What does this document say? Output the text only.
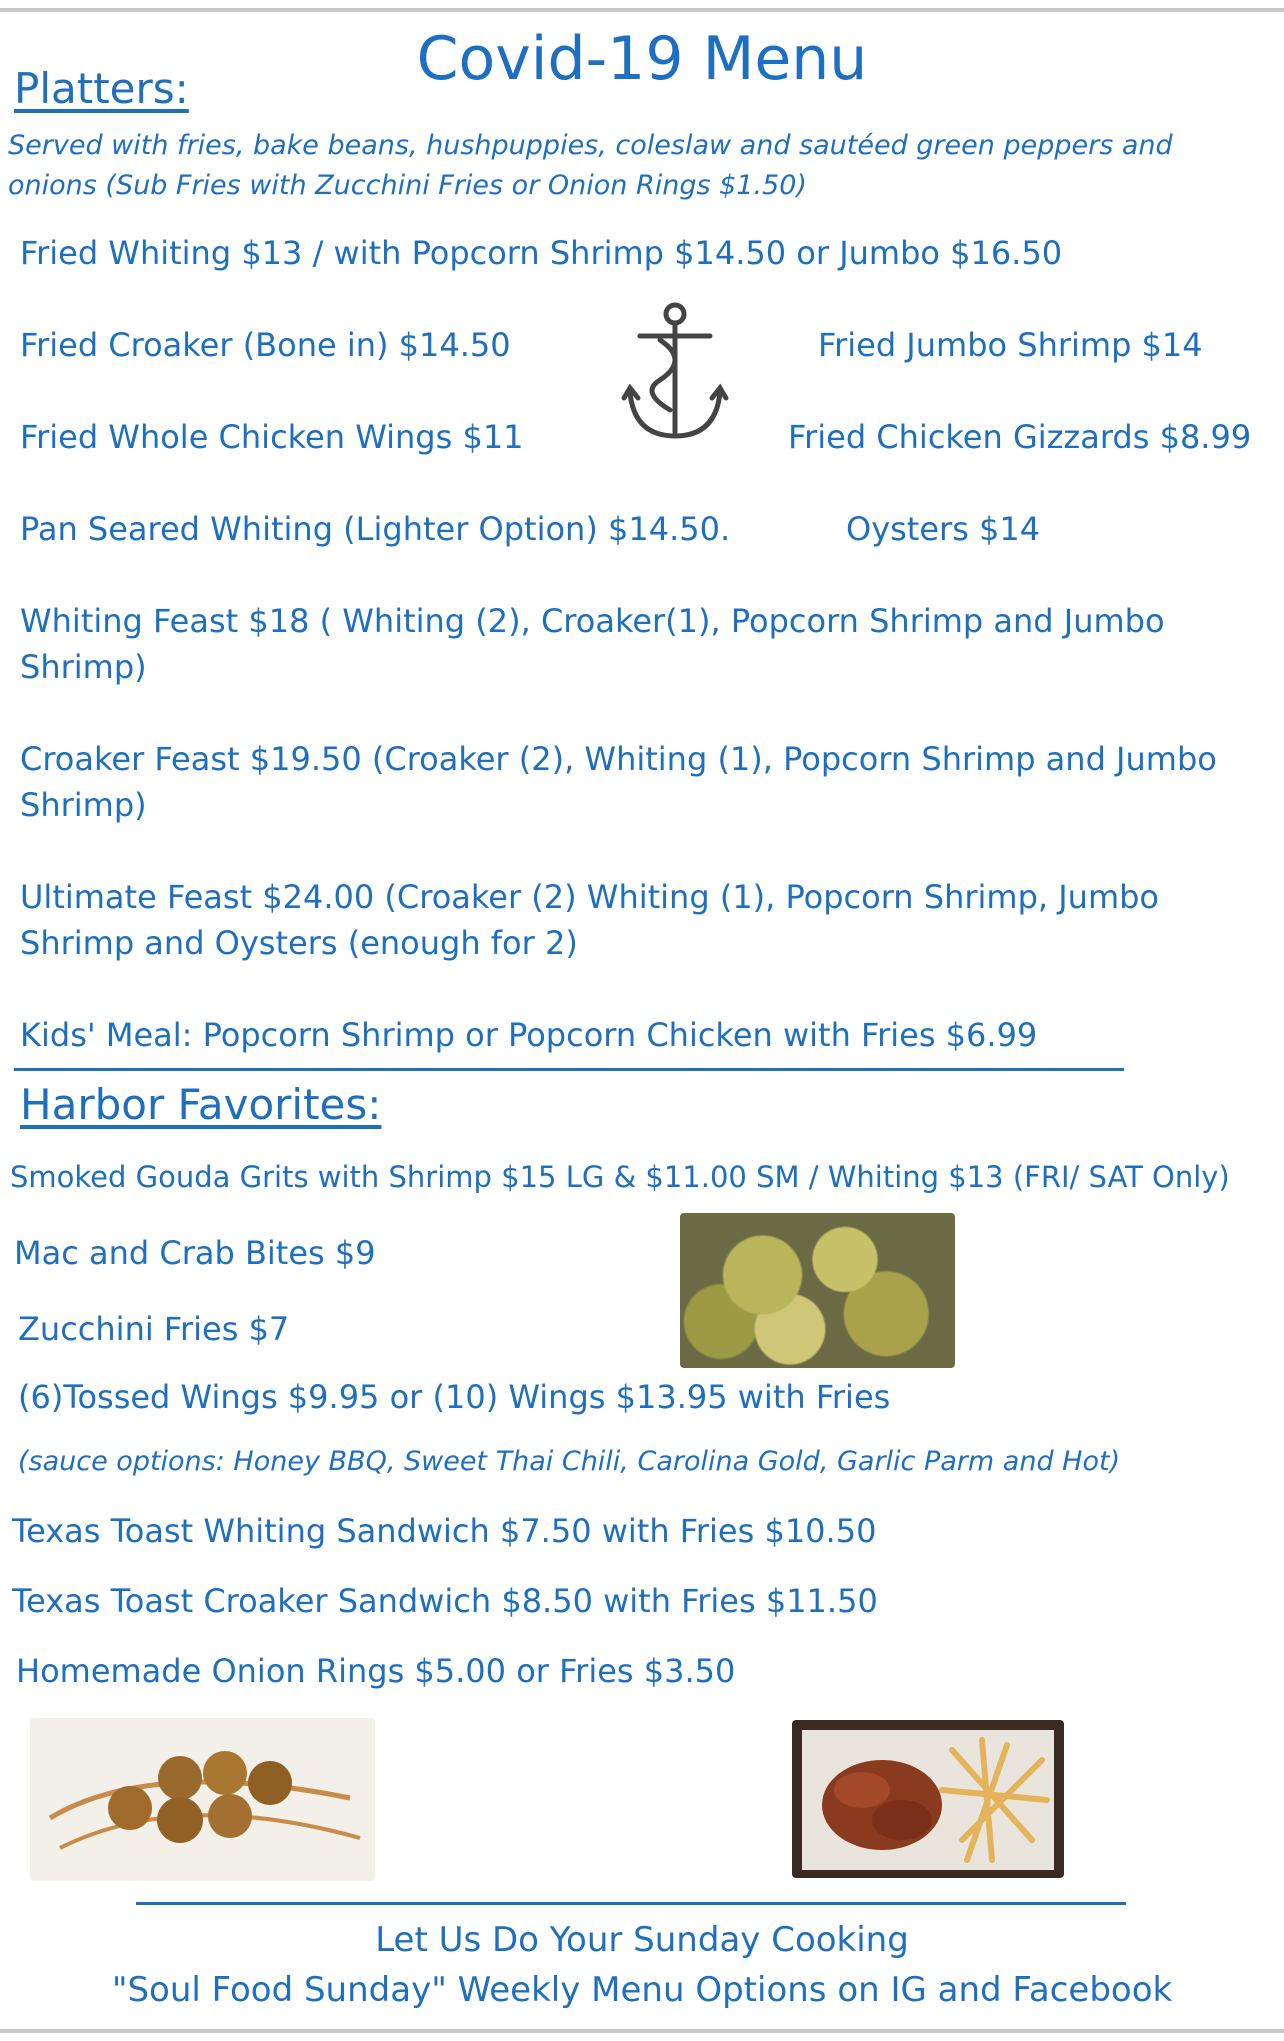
Covid-19 Menu
Platters:
Served with fries, bake beans, hushpuppies, coleslaw and sautéed green peppers and
onions (Sub Fries with Zucchini Fries or Onion Rings $1.50)
Fried Whiting $13 / with Popcorn Shrimp $14.50 or Jumbo $16.50
Fried Croaker (Bone in) $14.50	Fried Jumbo Shrimp $14
Fried Whole Chicken Wings $11	Fried Chicken Gizzards $8.99
Pan Seared Whiting (Lighter Option) $14.50.	Oysters $14
Whiting Feast $18 ( Whiting (2), Croaker(1), Popcorn Shrimp and Jumbo
Shrimp)
Croaker Feast $19.50 (Croaker (2), Whiting (1), Popcorn Shrimp and Jumbo
Shrimp)
Ultimate Feast $24.00 (Croaker (2) Whiting (1), Popcorn Shrimp, Jumbo
Shrimp and Oysters (enough for 2)
Kids' Meal: Popcorn Shrimp or Popcorn Chicken with Fries $6.99
Harbor Favorites:
Smoked Gouda Grits with Shrimp $15 LG & $11.00 SM / Whiting $13 (FRI/ SAT Only)
Mac and Crab Bites $9
Zucchini Fries $7
(6)Tossed Wings $9.95 or (10) Wings $13.95 with Fries
(sauce options: Honey BBQ, Sweet Thai Chili, Carolina Gold, Garlic Parm and Hot)
Texas Toast Whiting Sandwich $7.50 with Fries $10.50
Texas Toast Croaker Sandwich $8.50 with Fries $11.50
Homemade Onion Rings $5.00 or Fries $3.50
Let Us Do Your Sunday Cooking
"Soul Food Sunday" Weekly Menu Options on IG and Facebook
